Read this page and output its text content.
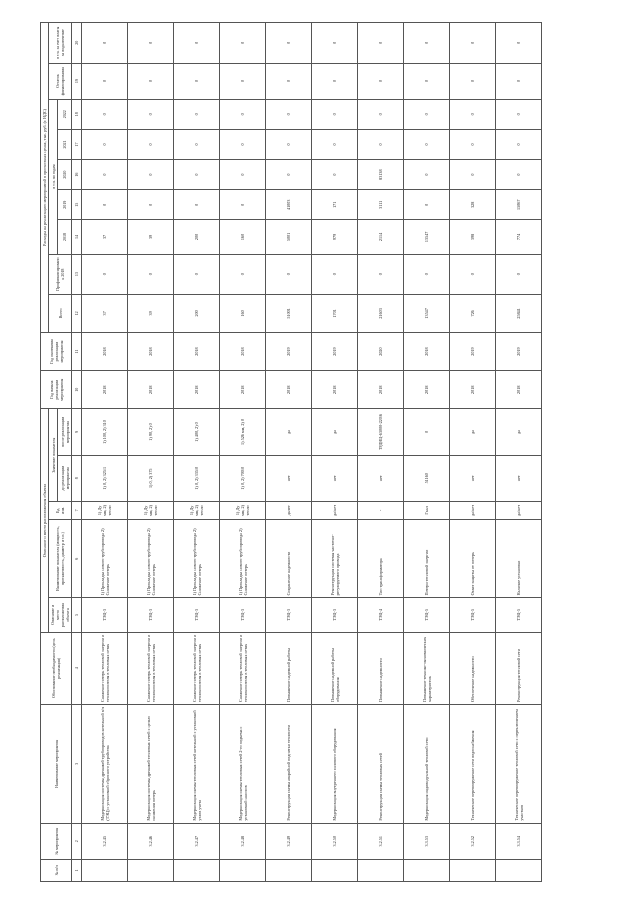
№ п/п	№ мероприятия	Наименование мероприятия	Обоснование необходимости (цель реализации)	Описание и место расположения объекта					Год начала реализации мероприятия	Год окончания реализации мероприятия	Расходы на реализацию мероприятий в прогнозных ценах, тыс. руб. (с НДС)								
				Описание и место расположения объекта	Наименование показателя (мощность, протяженность, диаметр и т.п.)	Ед. изм.	Значение показателя				Всего	Профинансировано к 2018	в т.ч. по годам					Остаток финансирования	в т.ч. за счет платы за подключение
							до реализации мероприятия	после реализации мероприятия					2018	2019	2020	2021	2022		
1	2	3	4	5	6	7	8	9	10	11	12	13	14	15	16	17	18	19	20
	3.2.45	Модернизация системы дренажей трубопроводов котельной в/ч (ТЭЦ) с установкой сбросного устройства	Снижение потерь тепловой энергии и теплоносителя в тепловых сетях	ТЭЦ-3	1) Прокладка нового трубопровода 2) Снижение потерь	1) Ду мм, 2) тепло	1) 0, 2) 325/1	1) 100, 2) 310	2018	2018	37	0	37	0	0	0	0	0	0
	3.2.46	Модернизация системы дренажей тепловых сетей с целью снижения потерь	Снижение потерь тепловой энергии и теплоносителя в тепловых сетях	ТЭЦ-3	1) Прокладка нового трубопровода 2) Снижение потерь	1) Ду мм, 2) тепло	1) 0, 2) 375	1) 90, 2) 0	2018	2018	39	0	39	0	0	0	0	0	0
	3.2.47	Модернизация схемы тепловых сетей котельной с установкой узлов учета	Снижение потерь тепловой энергии и теплоносителя в тепловых сетях	ТЭЦ-3	1) Прокладка нового трубопровода 2) Снижение потерь	1) Ду мм, 2) тепло	1) 0, 2) 335/0	1) 400, 2) 0	2018	2018	200	0	200	0	0	0	0	0	0
	3.2.48	Модернизация схемы тепловых сетей 2-го подъема с установкой насосов	Снижение потерь тепловой энергии и теплоносителя в тепловых сетях	ТЭЦ-3	1) Прокладка нового трубопровода 2) Снижение потерь	1) Ду мм, 2) тепло	1) 0, 2) 700/0	1) 526 мм, 2) 0	2018	2018	160	0	160	0	0	0	0	0	0
	3.2.49	Реконструкция схемы аварийной подпитки теплосети	Повышение надежной работы	ТЭЦ-3	Сохранение надежности	далее	нет	да	2018	2019	51001	0	5001	41003	0	0	0	0	0
	3.2.50	Модернизация внутреннего силового оборудования	Повышение надежной работы оборудования	ТЭЦ-3	Реконструкция системы частотно-регулируемого привода	да/нет	нет	да	2018	2019	1701	0	979	171	0	0	0	0	0
	3.2.51	Реконструкция схемы тепловых сетей	Повышение надежности	ТЭЦ-4	Тип трансформатора	-	нет	ТРДНЦ-63000-220/6	2018	2020	21603	0	2114	3111	83138	0	0	0	0
	3.3.53	Модернизация индивидуальной тепловой сети	Повышение технико-экономических характеристик	ТЭЦ-5	Потери тепловой энергии	Гкал	51160	0	2018	2018	13547	0	13547	0	0	0	0	0	0
	3.2.52	Техническое перевооружение сети водоснабжения	Обеспечение надежности	ТЭЦ-5	Охват защиты от потерь	да/нет	нет	да	2018	2019	726	0	398	328	0	0	0	0	0
	3.3.54	Техническое перевооружение тепловой сети с переключением участков	Реконструкция тепловой сети	ТЭЦ-5	Наличие установки	да/нет	нет	да	2018	2019	25841	0	774	15067	0	0	0	0	0
